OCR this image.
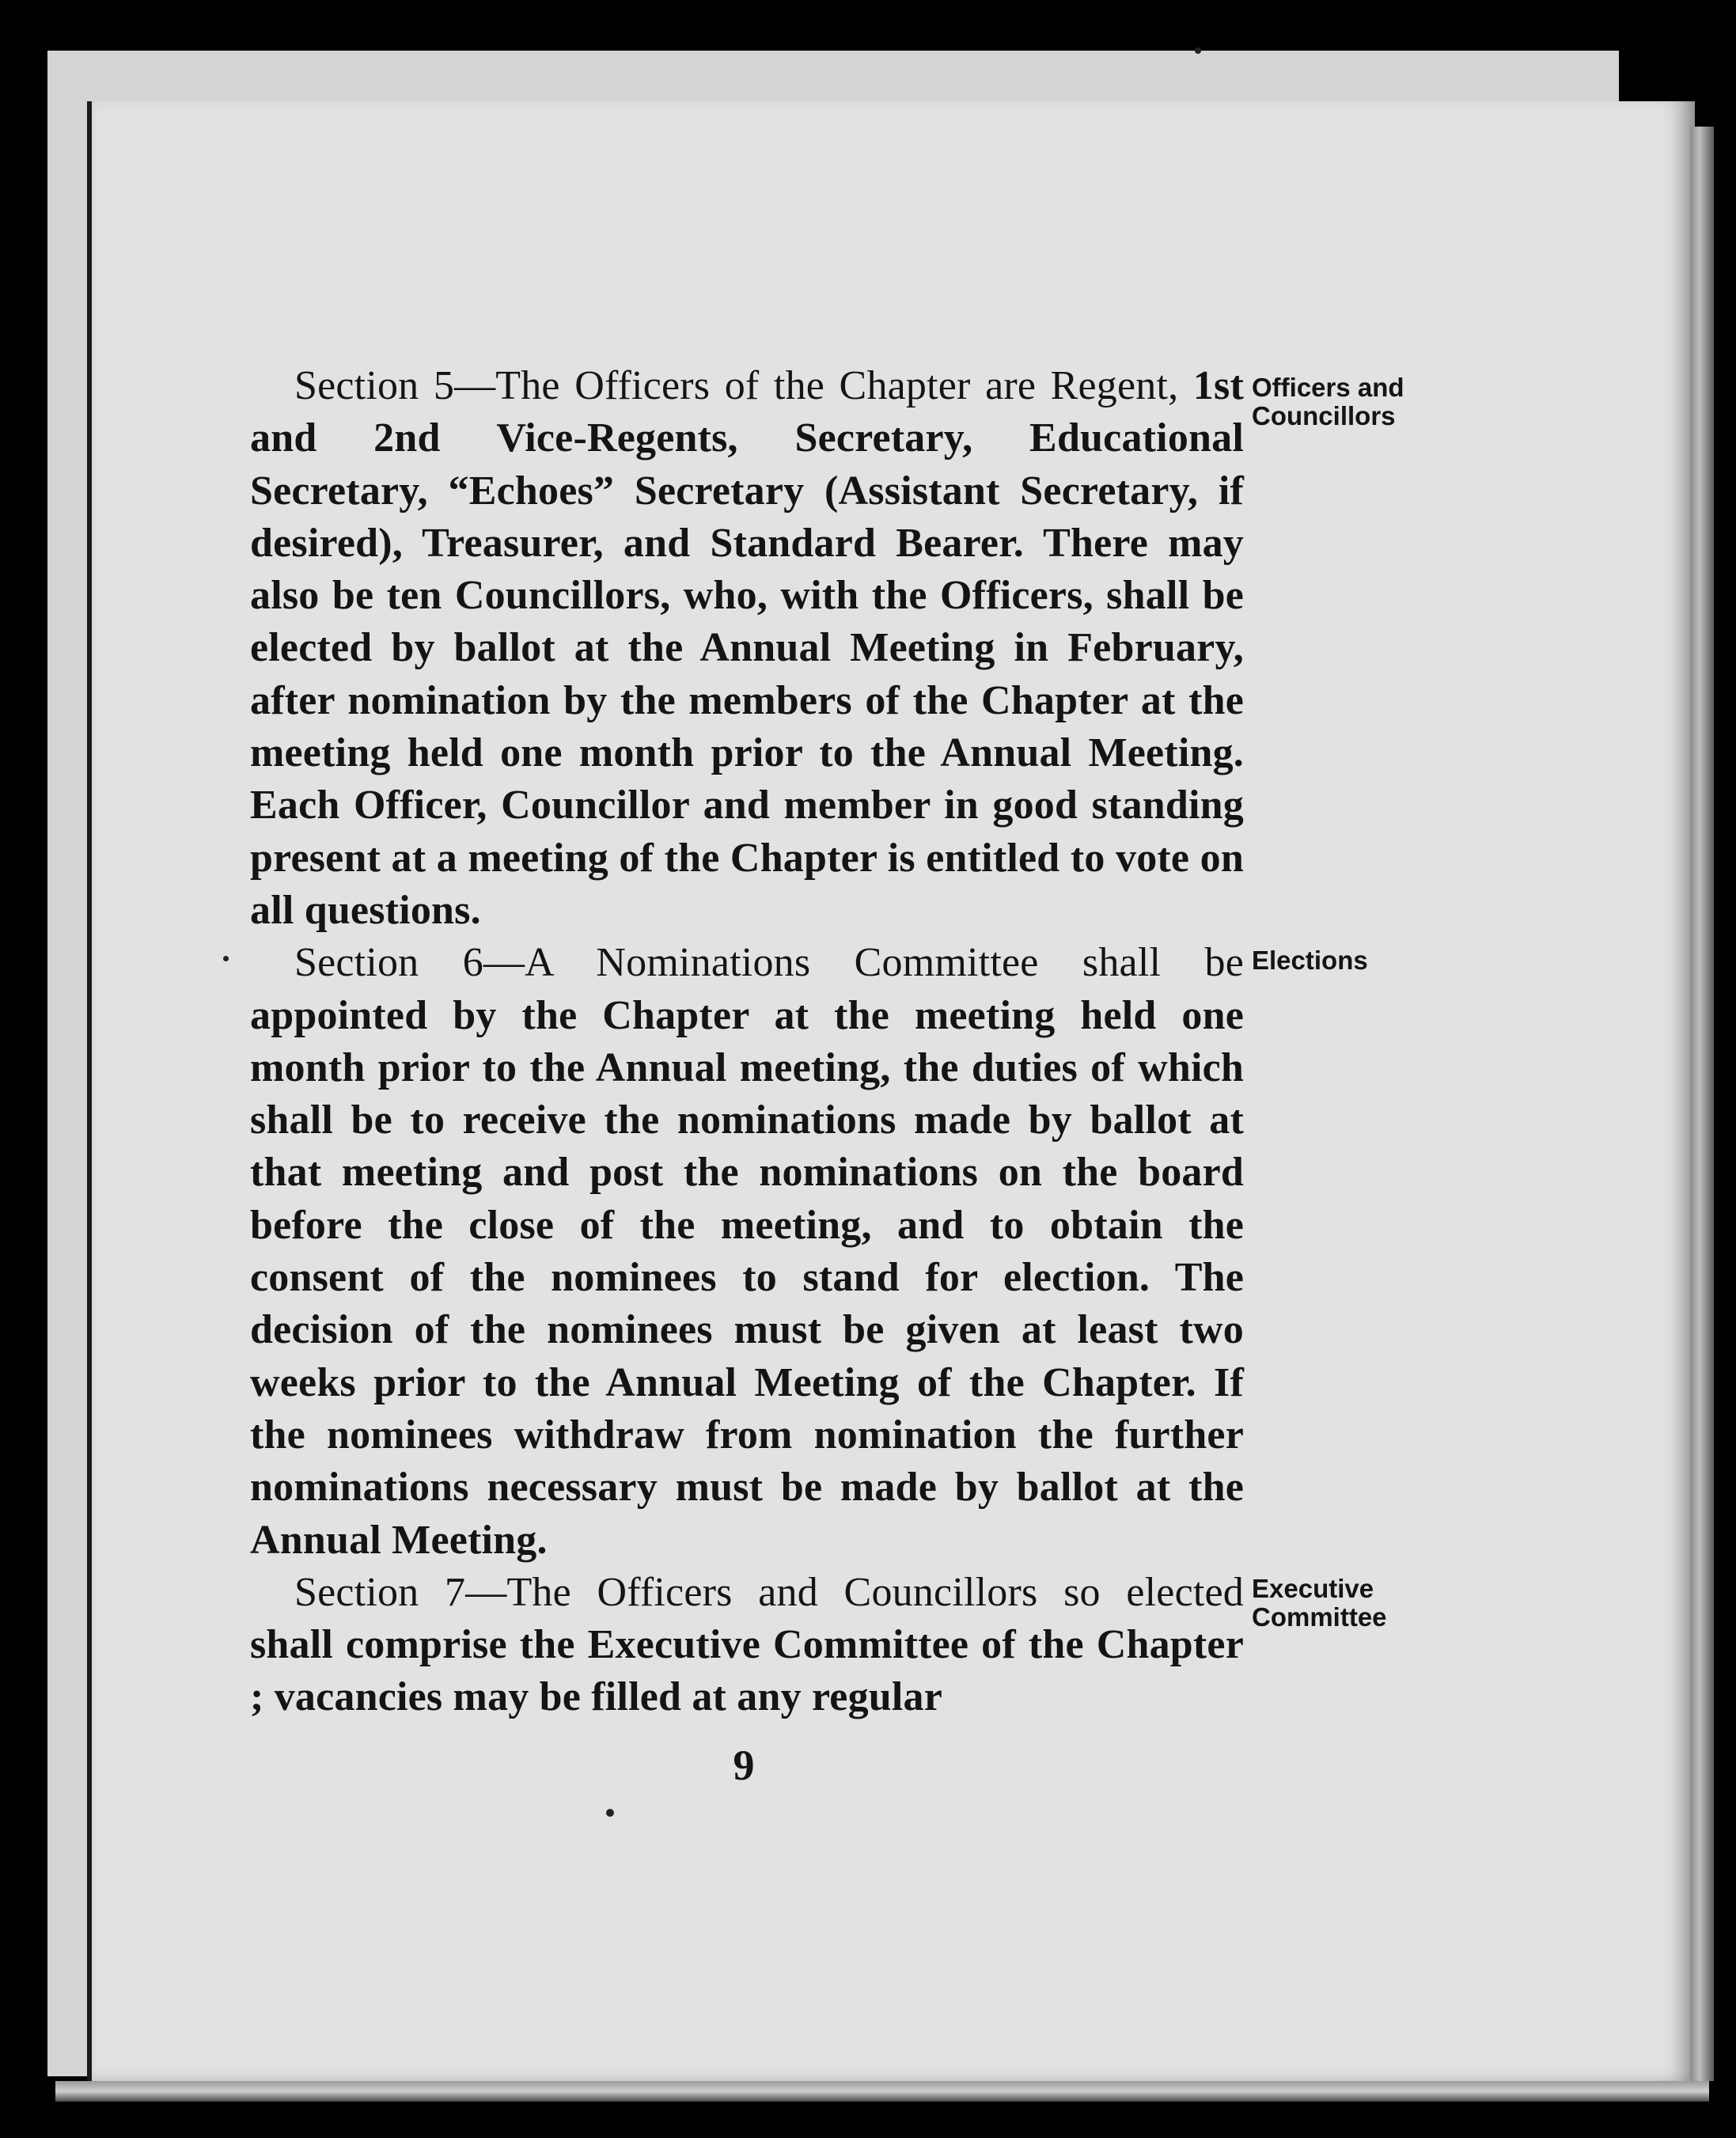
Section 5—The Officers of the Chapter are Regent, 1st and 2nd Vice-Regents, Secretary, Educational Secretary, “Echoes” Secretary (Assistant Secretary, if desired), Treasurer, and Standard Bearer. There may also be ten Councillors, who, with the Officers, shall be elected by ballot at the Annual Meeting in February, after nomination by the members of the Chapter at the meeting held one month prior to the Annual Meeting. Each Officer, Councillor and member in good standing present at a meeting of the Chapter is entitled to vote on all questions.

Section 6—A Nominations Committee shall be appointed by the Chapter at the meeting held one month prior to the Annual meeting, the duties of which shall be to receive the nominations made by ballot at that meeting and post the nominations on the board before the close of the meeting, and to obtain the consent of the nominees to stand for election. The decision of the nominees must be given at least two weeks prior to the Annual Meeting of the Chapter. If the nominees withdraw from nomination the further nominations necessary must be made by ballot at the Annual Meeting.

Section 7—The Officers and Councillors so elected shall comprise the Executive Committee of the Chapter ; vacancies may be filled at any regular

Officers and
Councillors
Elections
Executive
Committee
9
